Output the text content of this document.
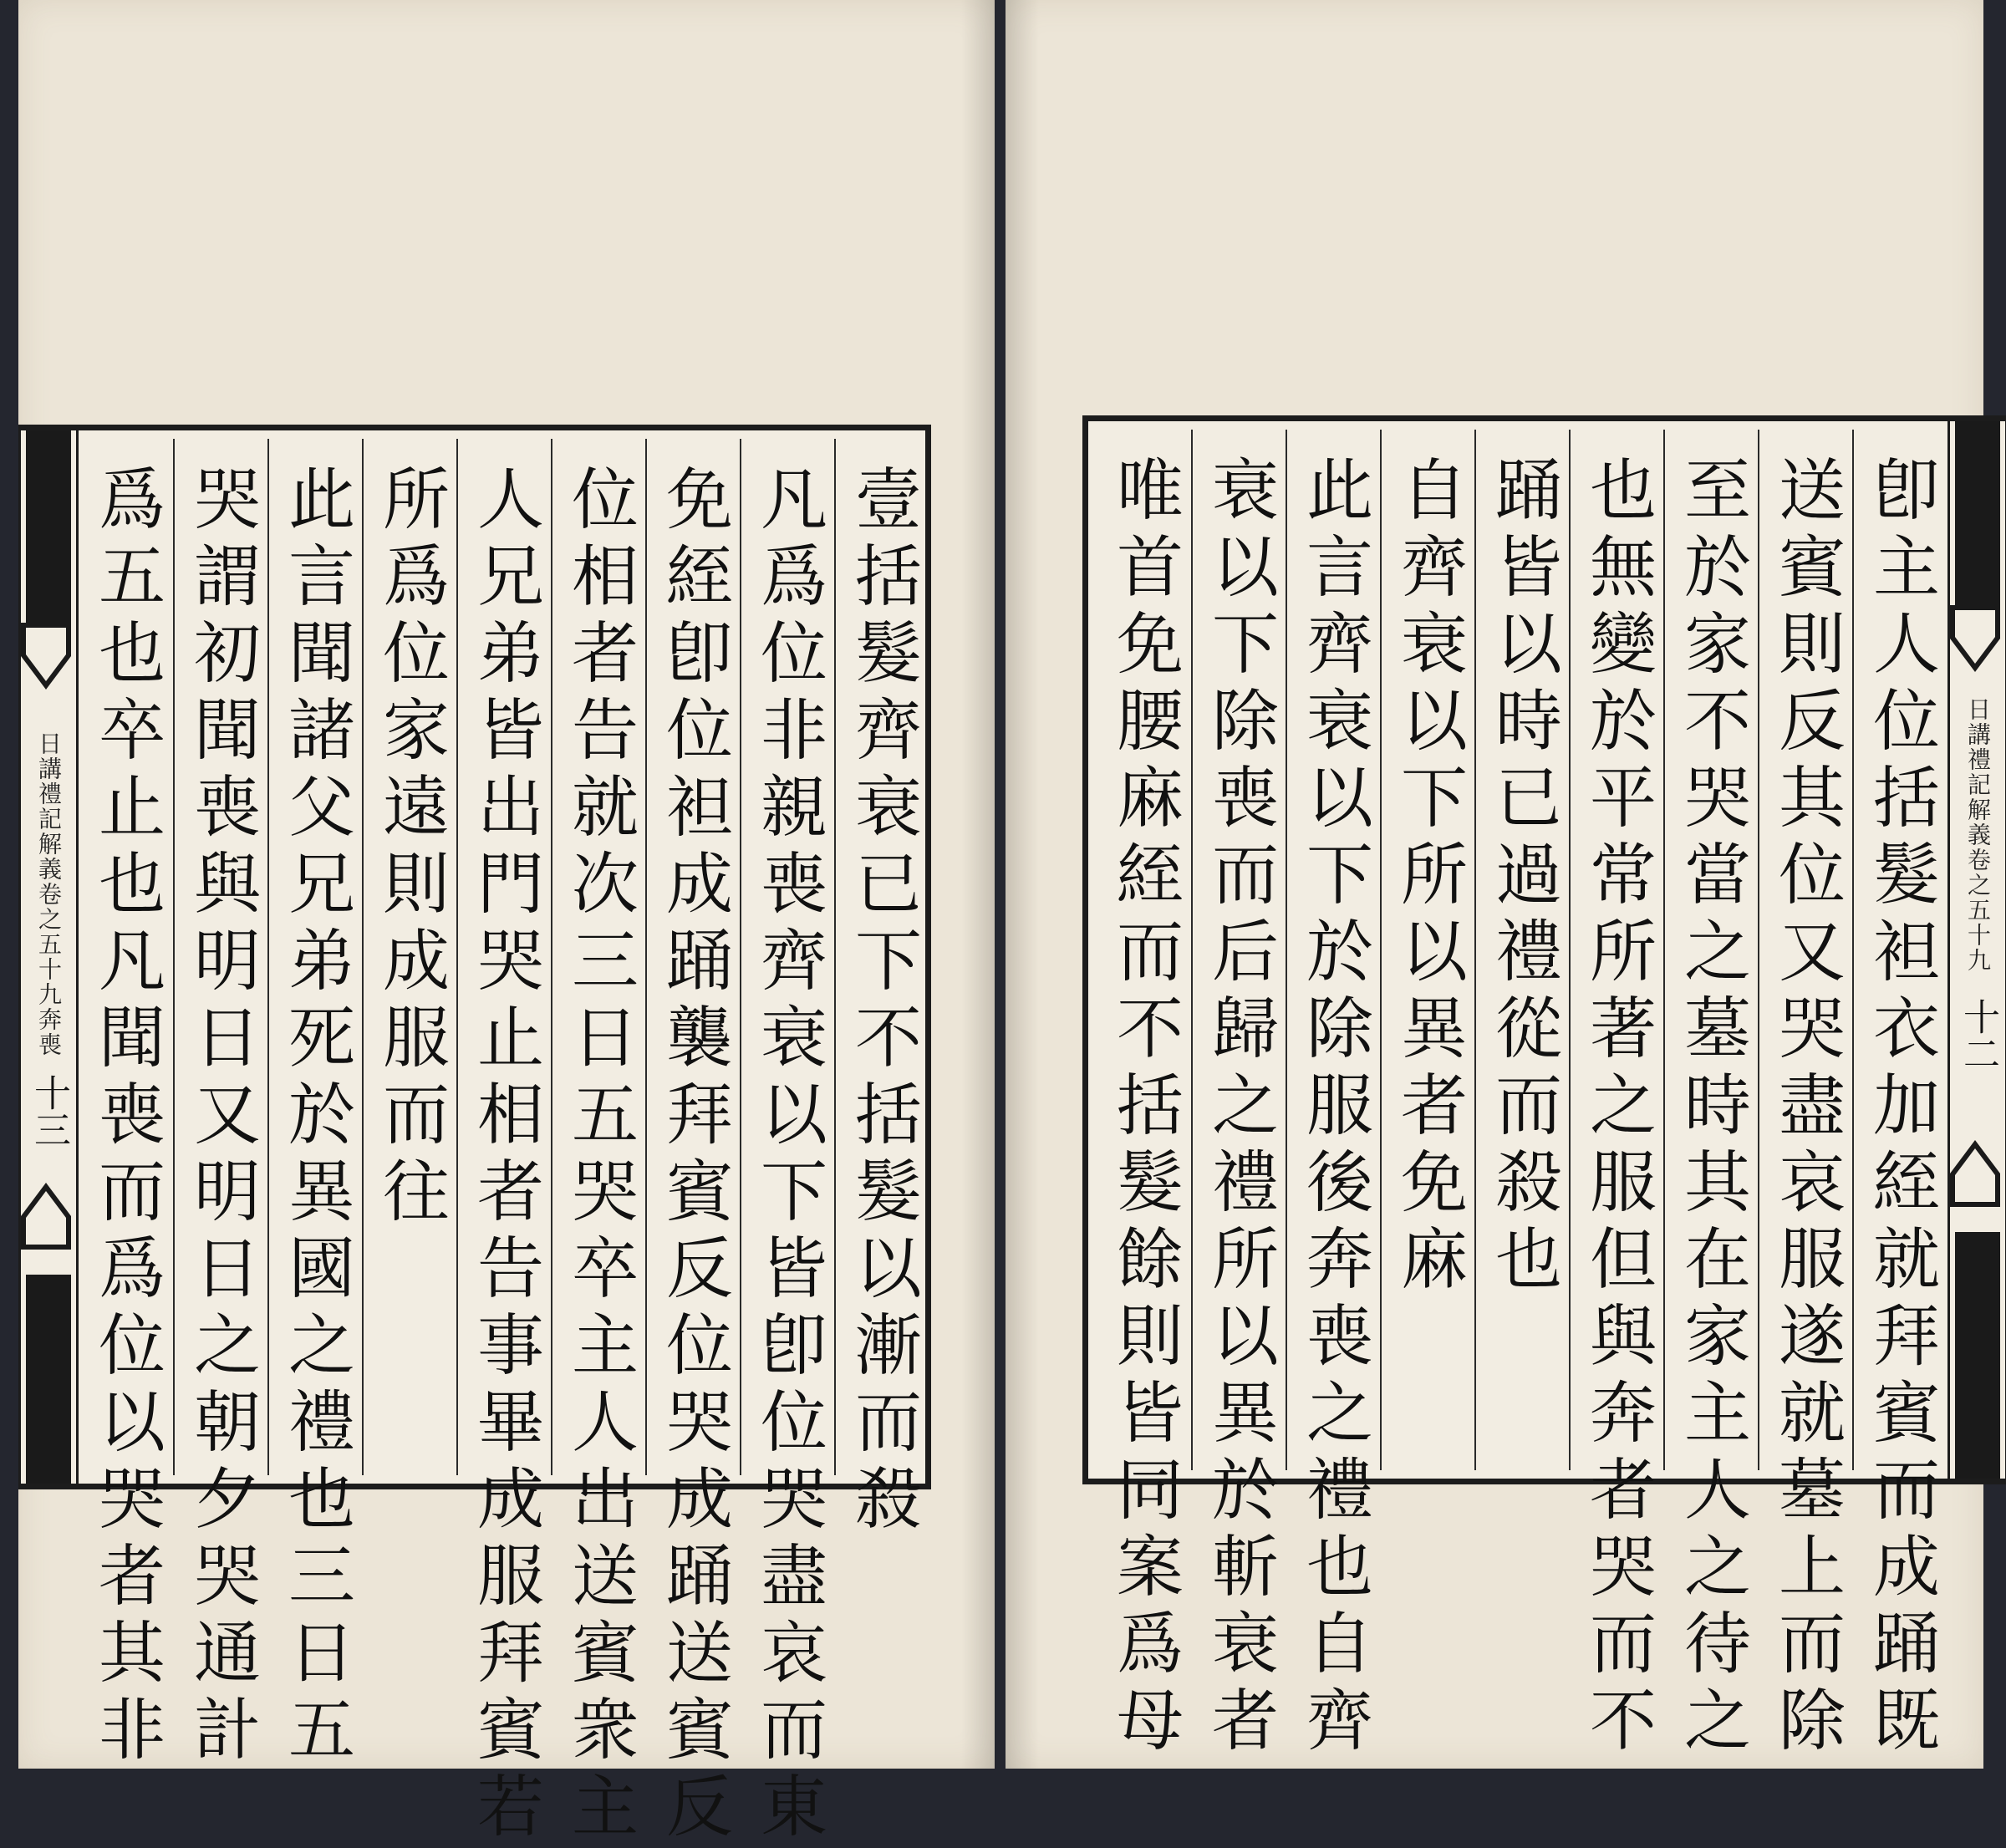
日講禮記解義卷之五十九奔喪
十三 爲五也卒止也凡聞喪而爲位以哭者其非 哭謂初聞喪與明日又明日之朝夕哭通計 此言聞諸父兄弟死於異國之禮也三日五 所爲位家遠則成服而往 人兄弟皆出門哭止相者告事畢成服拜賓若 位相者告就次三日五哭卒主人出送賓衆主 免絰卽位袒成踊襲拜賓反位哭成踊送賓反 凡爲位非親喪齊衰以下皆卽位哭盡哀而東 壹括髮齊衰已下不括髮以漸而殺	唯首免腰麻絰而不括髮餘則皆同案爲母 衰以下除喪而后歸之禮所以異於斬衰者 此言齊衰以下於除服後奔喪之禮也自齊 自齊衰以下所以異者免麻 踊皆以時已過禮從而殺也 也無變於平常所著之服但與奔者哭而不 至於家不哭當之墓時其在家主人之待之 送賓則反其位又哭盡哀服遂就墓上而除 卽主人位括髮袒衣加絰就拜賓而成踊既 日講禮記解義卷之五十九
十二
